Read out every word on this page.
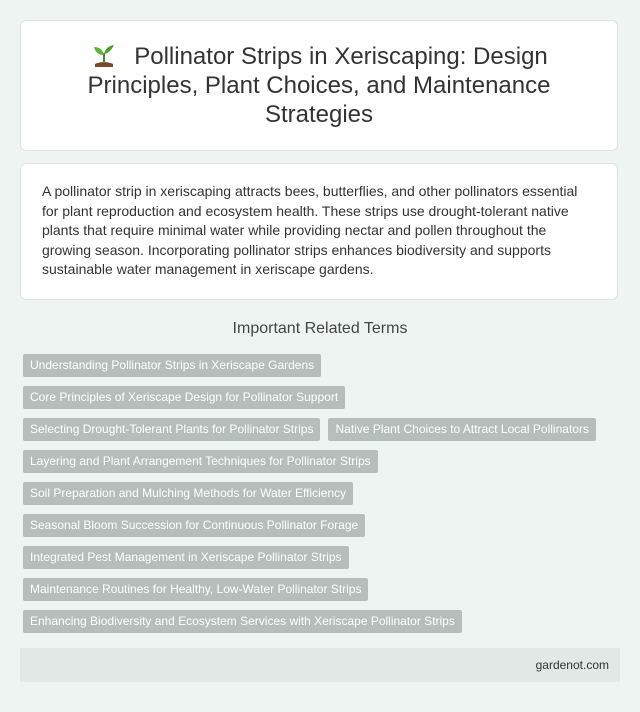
Pollinator Strips in Xeriscaping: Design Principles, Plant Choices, and Maintenance Strategies

A pollinator strip in xeriscaping attracts bees, butterflies, and other pollinators essential for plant reproduction and ecosystem health. These strips use drought-tolerant native plants that require minimal water while providing nectar and pollen throughout the growing season. Incorporating pollinator strips enhances biodiversity and supports sustainable water management in xeriscape gardens.

Important Related Terms
Understanding Pollinator Strips in Xeriscape Gardens
Core Principles of Xeriscape Design for Pollinator Support
Selecting Drought-Tolerant Plants for Pollinator Strips	Native Plant Choices to Attract Local Pollinators
Layering and Plant Arrangement Techniques for Pollinator Strips
Soil Preparation and Mulching Methods for Water Efficiency
Seasonal Bloom Succession for Continuous Pollinator Forage
Integrated Pest Management in Xeriscape Pollinator Strips
Maintenance Routines for Healthy, Low-Water Pollinator Strips
Enhancing Biodiversity and Ecosystem Services with Xeriscape Pollinator Strips
gardenot.com
